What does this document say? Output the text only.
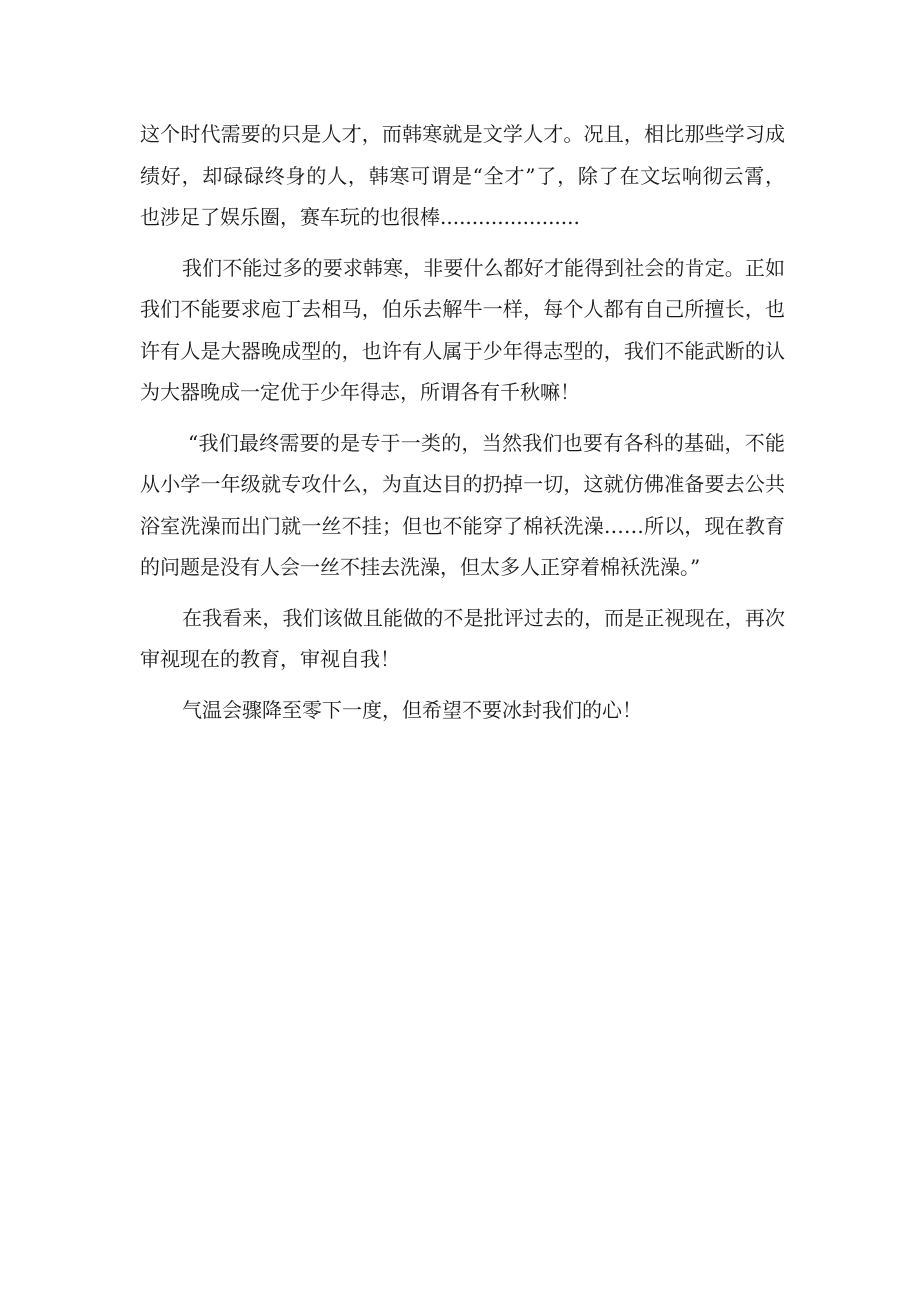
这个时代需要的只是人才，而韩寒就是文学人才。况且，相比那些学习成
绩好，却碌碌终身的人，韩寒可谓是“全才”了，除了在文坛响彻云霄，
也涉足了娱乐圈，赛车玩的也很棒......................

我们不能过多的要求韩寒，非要什么都好才能得到社会的肯定。正如
我们不能要求庖丁去相马，伯乐去解牛一样，每个人都有自己所擅长，也
许有人是大器晚成型的，也许有人属于少年得志型的，我们不能武断的认
为大器晚成一定优于少年得志，所谓各有千秋嘛！

“我们最终需要的是专于一类的，当然我们也要有各科的基础，不能
从小学一年级就专攻什么，为直达目的扔掉一切，这就仿佛准备要去公共
浴室洗澡而出门就一丝不挂；但也不能穿了棉袄洗澡……所以，现在教育
的问题是没有人会一丝不挂去洗澡，但太多人正穿着棉袄洗澡。”

在我看来，我们该做且能做的不是批评过去的，而是正视现在，再次
审视现在的教育，审视自我！

气温会骤降至零下一度，但希望不要冰封我们的心！
